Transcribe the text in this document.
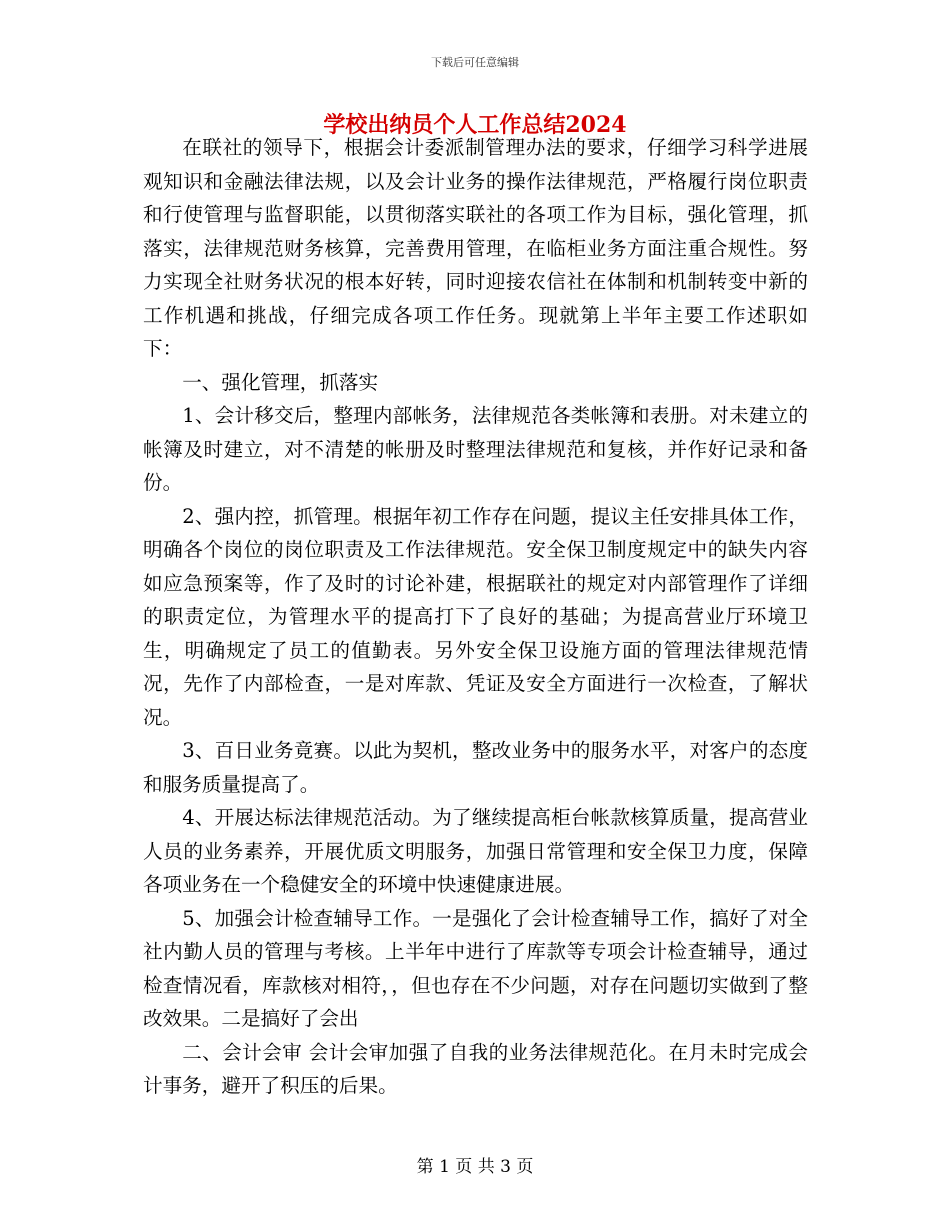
下载后可任意编辑
学校出纳员个人工作总结2024

在联社的领导下，根据会计委派制管理办法的要求，仔细学习科学进展观知识和金融法律法规，以及会计业务的操作法律规范，严格履行岗位职责和行使管理与监督职能，以贯彻落实联社的各项工作为目标，强化管理，抓落实，法律规范财务核算，完善费用管理，在临柜业务方面注重合规性。努力实现全社财务状况的根本好转，同时迎接农信社在体制和机制转变中新的工作机遇和挑战，仔细完成各项工作任务。现就第上半年主要工作述职如下：

一、强化管理，抓落实

1、会计移交后，整理内部帐务，法律规范各类帐簿和表册。对未建立的帐簿及时建立，对不清楚的帐册及时整理法律规范和复核，并作好记录和备份。

2、强内控，抓管理。根据年初工作存在问题，提议主任安排具体工作，明确各个岗位的岗位职责及工作法律规范。安全保卫制度规定中的缺失内容如应急预案等，作了及时的讨论补建，根据联社的规定对内部管理作了详细的职责定位，为管理水平的提高打下了良好的基础；为提高营业厅环境卫生，明确规定了员工的值勤表。另外安全保卫设施方面的管理法律规范情况，先作了内部检查，一是对库款、凭证及安全方面进行一次检查，了解状况。

3、百日业务竟赛。以此为契机，整改业务中的服务水平，对客户的态度和服务质量提高了。

4、开展达标法律规范活动。为了继续提高柜台帐款核算质量，提高营业人员的业务素养，开展优质文明服务，加强日常管理和安全保卫力度，保障各项业务在一个稳健安全的环境中快速健康进展。

5、加强会计检查辅导工作。一是强化了会计检查辅导工作，搞好了对全社内勤人员的管理与考核。上半年中进行了库款等专项会计检查辅导，通过检查情况看，库款核对相符，，但也存在不少问题，对存在问题切实做到了整改效果。二是搞好了会出

二、会计会审 会计会审加强了自我的业务法律规范化。在月未时完成会计事务，避开了积压的后果。

第 1 页 共 3 页
